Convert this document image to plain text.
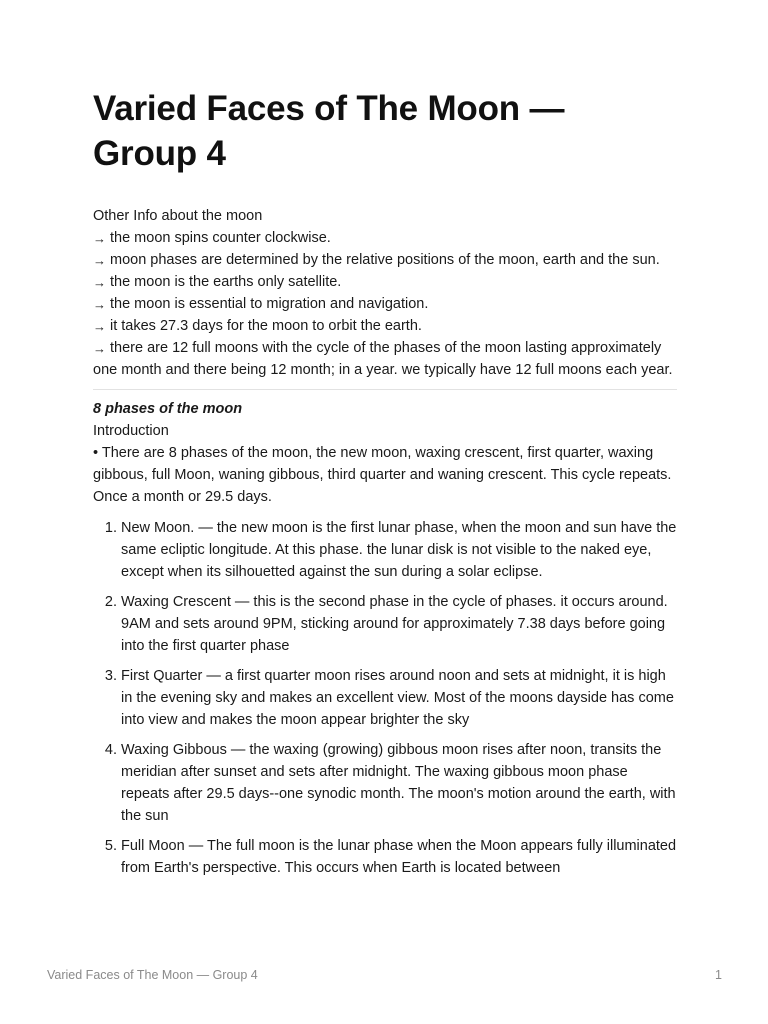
Varied Faces of The Moon — Group 4

Other Info about the moon

→ the moon spins counter clockwise.

→ moon phases are determined by the relative positions of the moon, earth and the sun.

→ the moon is the earths only satellite.

→ the moon is essential to migration and navigation.

→ it takes 27.3 days for the moon to orbit the earth.

→ there are 12 full moons with the cycle of the phases of the moon lasting approximately one month and there being 12 month; in a year. we typically have 12 full moons each year.

8 phases of the moon

Introduction

• There are 8 phases of the moon, the new moon, waxing crescent, first quarter, waxing gibbous, full Moon, waning gibbous, third quarter and waning crescent. This cycle repeats. Once a month or 29.5 days.

1. New Moon. — the new moon is the first lunar phase, when the moon and sun have the same ecliptic longitude. At this phase. the lunar disk is not visible to the naked eye, except when its silhouetted against the sun during a solar eclipse.
2. Waxing Crescent — this is the second phase in the cycle of phases. it occurs around. 9AM and sets around 9PM, sticking around for approximately 7.38 days before going into the first quarter phase
3. First Quarter — a first quarter moon rises around noon and sets at midnight, it is high in the evening sky and makes an excellent view. Most of the moons dayside has come into view and makes the moon appear brighter the sky
4. Waxing Gibbous — the waxing (growing) gibbous moon rises after noon, transits the meridian after sunset and sets after midnight. The waxing gibbous moon phase repeats after 29.5 days--one synodic month. The moon's motion around the earth, with the sun
5. Full Moon — The full moon is the lunar phase when the Moon appears fully illuminated from Earth's perspective. This occurs when Earth is located between
Varied Faces of The Moon — Group 4	1
